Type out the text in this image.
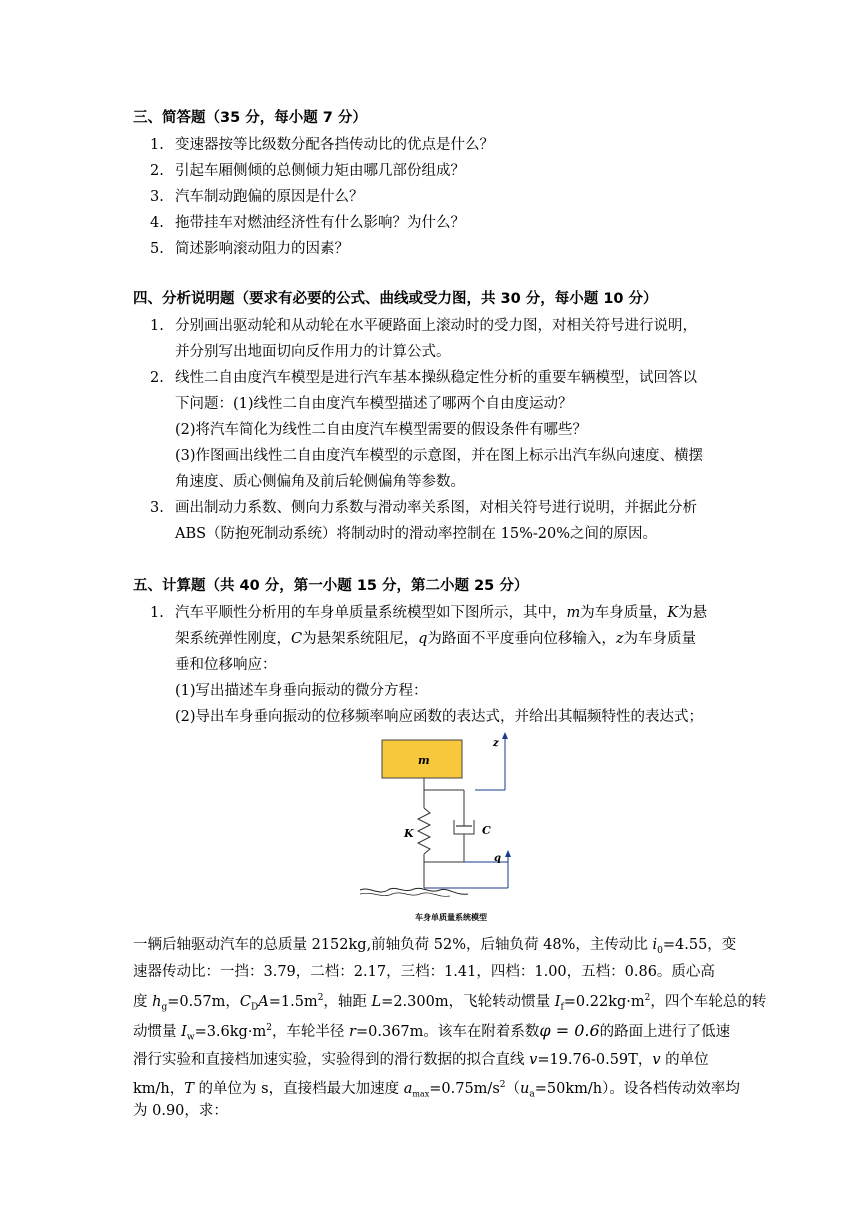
三、简答题（35 分，每小题 7 分）
1. 变速器按等比级数分配各挡传动比的优点是什么？
2. 引起车厢侧倾的总侧倾力矩由哪几部份组成？
3. 汽车制动跑偏的原因是什么？
4. 拖带挂车对燃油经济性有什么影响？为什么？
5. 简述影响滚动阻力的因素？
四、分析说明题（要求有必要的公式、曲线或受力图，共 30 分，每小题 10 分）
1. 分别画出驱动轮和从动轮在水平硬路面上滚动时的受力图，对相关符号进行说明，
并分别写出地面切向反作用力的计算公式。
2. 线性二自由度汽车模型是进行汽车基本操纵稳定性分析的重要车辆模型，试回答以
下问题：(1)线性二自由度汽车模型描述了哪两个自由度运动？
(2)将汽车简化为线性二自由度汽车模型需要的假设条件有哪些？
(3)作图画出线性二自由度汽车模型的示意图，并在图上标示出汽车纵向速度、横摆
角速度、质心侧偏角及前后轮侧偏角等参数。
3. 画出制动力系数、侧向力系数与滑动率关系图，对相关符号进行说明，并据此分析
ABS（防抱死制动系统）将制动时的滑动率控制在 15%-20%之间的原因。
五、计算题（共 40 分，第一小题 15 分，第二小题 25 分）
1. 汽车平顺性分析用的车身单质量系统模型如下图所示，其中，m为车身质量，K为悬
架系统弹性刚度，C为悬架系统阻尼，q为路面不平度垂向位移输入，z为车身质量
垂和位移响应：
(1)写出描述车身垂向振动的微分方程：
(2)导出车身垂向振动的位移频率响应函数的表达式，并给出其幅频特性的表达式；
m
z
K	C
q
车身单质量系统模型
一辆后轴驱动汽车的总质量 2152kg,前轴负荷 52%，后轴负荷 48%，主传动比 $i_0=4.55$，变
速器传动比：一挡：3.79，二档：2.17，三档：1.41，四档：1.00，五档：0.86。质心高
度 $h_g=0.57m$，$C_DA=1.5m^2$，轴距 L=2.300m，飞轮转动惯量 $I_f=0.22kg\cdot m^2$，四个车轮总的转
动惯量 $I_w=3.6kg\cdot m^2$，车轮半径 r=0.367m。该车在附着系数φ = 0.6的路面上进行了低速
滑行实验和直接档加速实验，实验得到的滑行数据的拟合直线 v=19.76-0.59T，v 的单位
km/h，T 的单位为 s，直接档最大加速度 $a_{max}=0.75m/s^2(u_a=50km/h)$。设各档传动效率均
为 0.90，求：
